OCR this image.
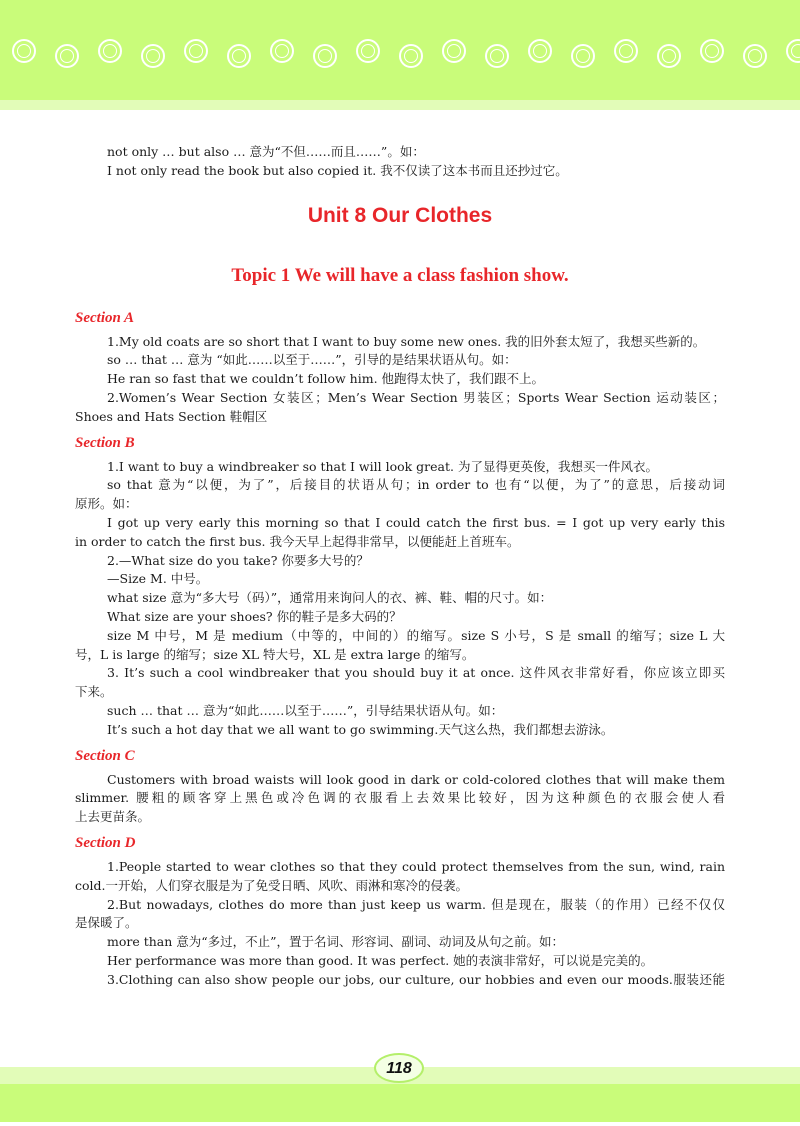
not only … but also … 意为“不但……而且……”。如：
I not only read the book but also copied it. 我不仅读了这本书而且还抄过它。
Unit 8 Our Clothes
Topic 1 We will have a class fashion show.
Section A
1.My old coats are so short that I want to buy some new ones. 我的旧外套太短了，我想买些新的。
so … that … 意为 “如此……以至于……”，引导的是结果状语从句。如：
He ran so fast that we couldn’t follow him. 他跑得太快了，我们跟不上。
2.Women’s Wear Section 女装区；Men’s Wear Section 男装区；Sports Wear Section 运动装区；
Shoes and Hats Section 鞋帽区
Section B
1.I want to buy a windbreaker so that I will look great. 为了显得更英俊，我想买一件风衣。
so that 意为“以便，为了”，后接目的状语从句；in order to 也有“以便，为了”的意思，后接动词
原形。如：
I got up very early this morning so that I could catch the first bus. = I got up very early this
in order to catch the first bus. 我今天早上起得非常早，以便能赶上首班车。
2.—What size do you take? 你要多大号的？
—Size M. 中号。
what size 意为“多大号（码）”，通常用来询问人的衣、裤、鞋、帽的尺寸。如：
What size are your shoes? 你的鞋子是多大码的？
size M 中号，M 是 medium（中等的，中间的）的缩写。size S 小号，S 是 small 的缩写；size L 大
号，L is large 的缩写；size XL 特大号，XL 是 extra large 的缩写。
3. It’s such a cool windbreaker that you should buy it at once. 这件风衣非常好看，你应该立即买
下来。
such … that … 意为“如此……以至于……”，引导结果状语从句。如：
It’s such a hot day that we all want to go swimming.天气这么热，我们都想去游泳。
Section C
Customers with broad waists will look good in dark or cold-colored clothes that will make them
slimmer. 腰粗的顾客穿上黑色或冷色调的衣服看上去效果比较好，因为这种颜色的衣服会使人看
上去更苗条。
Section D
1.People started to wear clothes so that they could protect themselves from the sun, wind, rain
cold.一开始，人们穿衣服是为了免受日晒、风吹、雨淋和寒冷的侵袭。
2.But nowadays, clothes do more than just keep us warm. 但是现在，服装（的作用）已经不仅仅
是保暖了。
more than 意为“多过，不止”，置于名词、形容词、副词、动词及从句之前。如：
Her performance was more than good. It was perfect. 她的表演非常好，可以说是完美的。
3.Clothing can also show people our jobs, our culture, our hobbies and even our moods.服装还能
118
